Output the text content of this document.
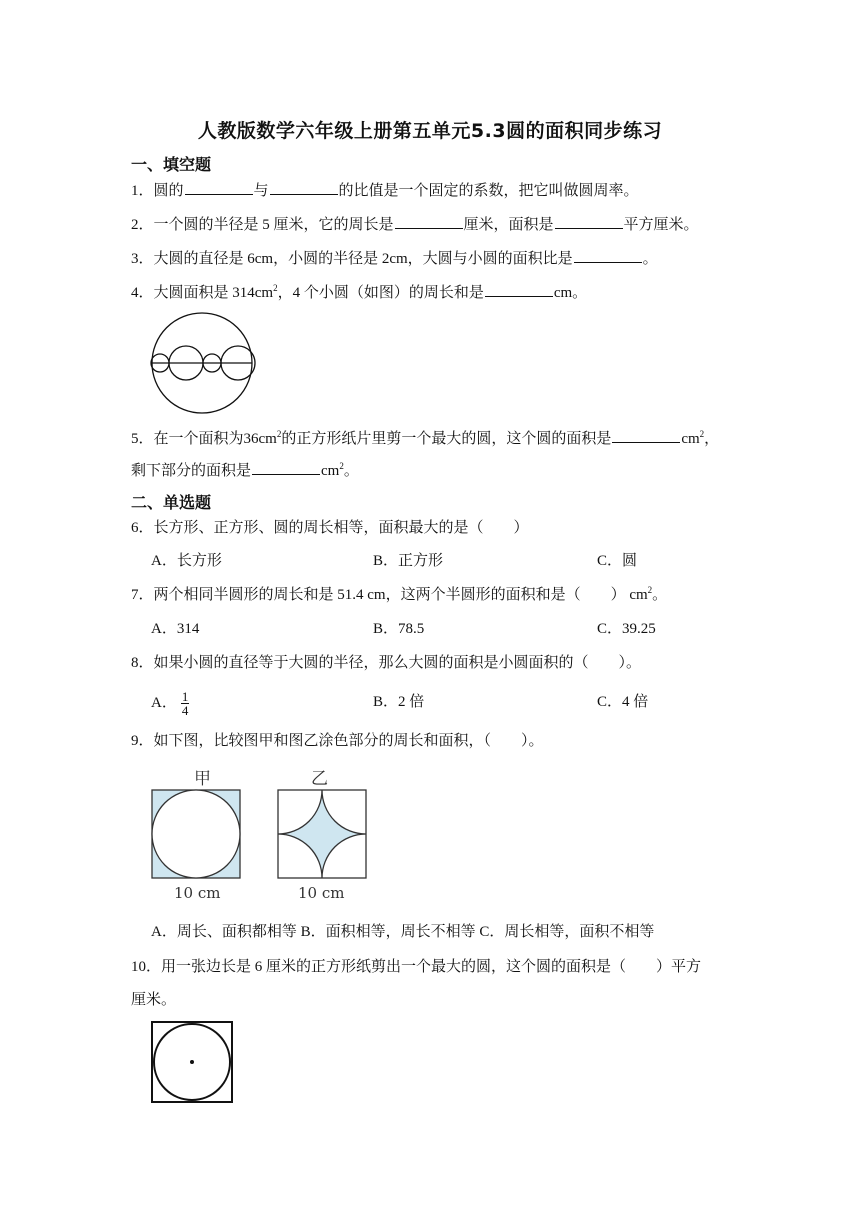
人教版数学六年级上册第五单元5.3圆的面积同步练习
一、填空题
1．圆的	与	的比值是一个固定的系数，把它叫做圆周率。
2．一个圆的半径是 5 厘米，它的周长是	厘米，面积是	平方厘米。
3．大圆的直径是 6cm，小圆的半径是 2cm，大圆与小圆的面积比是	。
4．大圆面积是 $314cm^2$，4 个小圆（如图）的周长和是	cm。
5．在一个面积为$36cm^2$的正方形纸片里剪一个最大的圆，这个圆的面积是	$cm^2$，
剩下部分的面积是	$cm^2$。
二、单选题
6．长方形、正方形、圆的周长相等，面积最大的是（　　）
A．长方形	B．正方形	C．圆
7．两个相同半圆形的周长和是 51.4 cm，这两个半圆形的面积和是（　　） $cm^2$。
A．314	B．78.5	C．39.25
8．如果小圆的直径等于大圆的半径，那么大圆的面积是小圆面积的（　　）。
A． $\frac{1}{4}$	B．2 倍	C．4 倍
9．如下图，比较图甲和图乙涂色部分的周长和面积，（　　）。
甲
10 cm
乙
10 cm
A．周长、面积都相等 B．面积相等，周长不相等 C．周长相等，面积不相等
10．用一张边长是 6 厘米的正方形纸剪出一个最大的圆，这个圆的面积是（　　）平方
厘米。
